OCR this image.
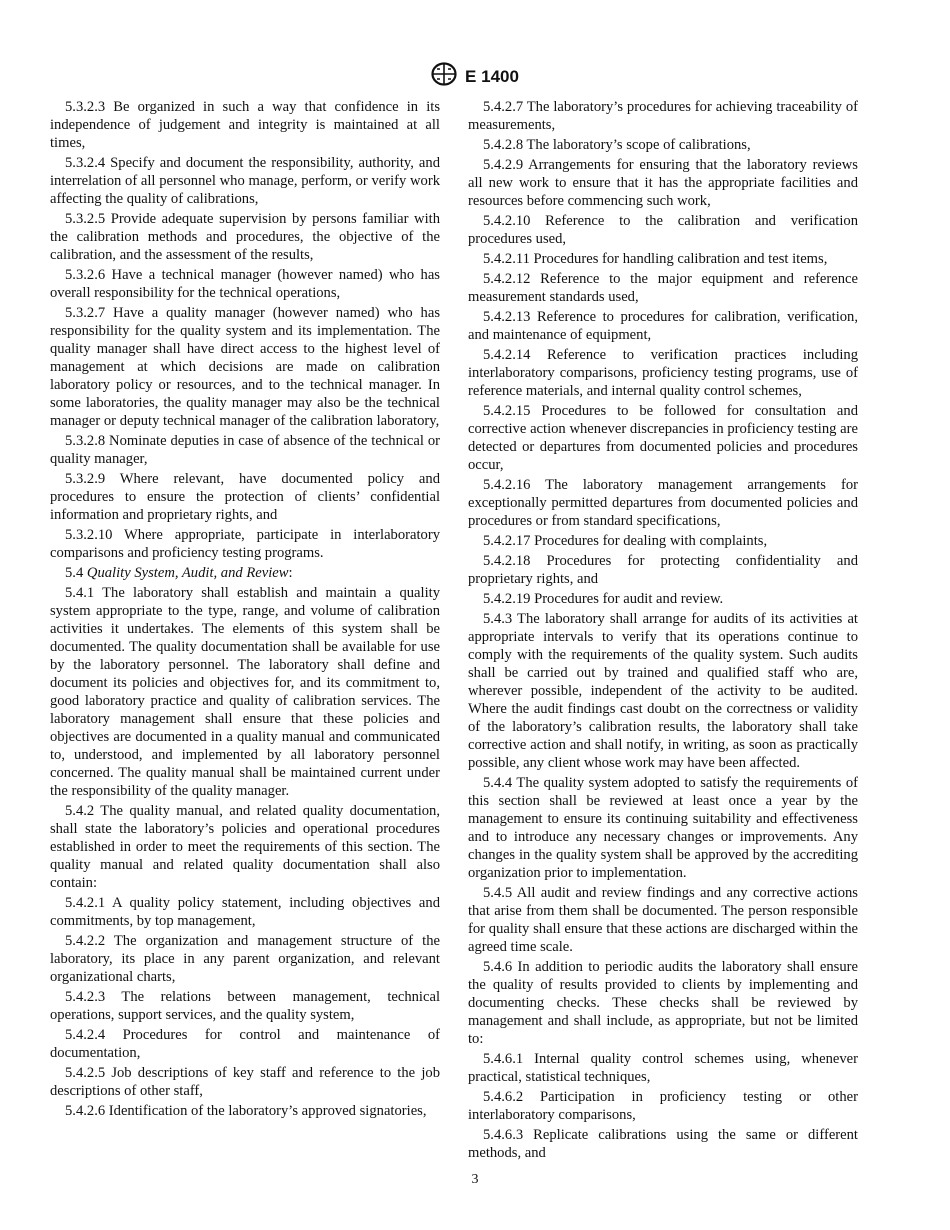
E 1400

5.3.2.3 Be organized in such a way that confidence in its independence of judgement and integrity is maintained at all times,

5.3.2.4 Specify and document the responsibility, authority, and interrelation of all personnel who manage, perform, or verify work affecting the quality of calibrations,

5.3.2.5 Provide adequate supervision by persons familiar with the calibration methods and procedures, the objective of the calibration, and the assessment of the results,

5.3.2.6 Have a technical manager (however named) who has overall responsibility for the technical operations,

5.3.2.7 Have a quality manager (however named) who has responsibility for the quality system and its implementation. The quality manager shall have direct access to the highest level of management at which decisions are made on calibration laboratory policy or resources, and to the technical manager. In some laboratories, the quality manager may also be the technical manager or deputy technical manager of the calibration laboratory,

5.3.2.8 Nominate deputies in case of absence of the technical or quality manager,

5.3.2.9 Where relevant, have documented policy and procedures to ensure the protection of clients’ confidential information and proprietary rights, and

5.3.2.10 Where appropriate, participate in interlaboratory comparisons and proficiency testing programs.

5.4 Quality System, Audit, and Review:

5.4.1 The laboratory shall establish and maintain a quality system appropriate to the type, range, and volume of calibration activities it undertakes. The elements of this system shall be documented. The quality documentation shall be available for use by the laboratory personnel. The laboratory shall define and document its policies and objectives for, and its commitment to, good laboratory practice and quality of calibration services. The laboratory management shall ensure that these policies and objectives are documented in a quality manual and communicated to, understood, and implemented by all laboratory personnel concerned. The quality manual shall be maintained current under the responsibility of the quality manager.

5.4.2 The quality manual, and related quality documentation, shall state the laboratory’s policies and operational procedures established in order to meet the requirements of this section. The quality manual and related quality documentation shall also contain:

5.4.2.1 A quality policy statement, including objectives and commitments, by top management,

5.4.2.2 The organization and management structure of the laboratory, its place in any parent organization, and relevant organizational charts,

5.4.2.3 The relations between management, technical operations, support services, and the quality system,

5.4.2.4 Procedures for control and maintenance of documentation,

5.4.2.5 Job descriptions of key staff and reference to the job descriptions of other staff,

5.4.2.6 Identification of the laboratory’s approved signatories,

5.4.2.7 The laboratory’s procedures for achieving traceability of measurements,

5.4.2.8 The laboratory’s scope of calibrations,

5.4.2.9 Arrangements for ensuring that the laboratory reviews all new work to ensure that it has the appropriate facilities and resources before commencing such work,

5.4.2.10 Reference to the calibration and verification procedures used,

5.4.2.11 Procedures for handling calibration and test items,

5.4.2.12 Reference to the major equipment and reference measurement standards used,

5.4.2.13 Reference to procedures for calibration, verification, and maintenance of equipment,

5.4.2.14 Reference to verification practices including interlaboratory comparisons, proficiency testing programs, use of reference materials, and internal quality control schemes,

5.4.2.15 Procedures to be followed for consultation and corrective action whenever discrepancies in proficiency testing are detected or departures from documented policies and procedures occur,

5.4.2.16 The laboratory management arrangements for exceptionally permitted departures from documented policies and procedures or from standard specifications,

5.4.2.17 Procedures for dealing with complaints,

5.4.2.18 Procedures for protecting confidentiality and proprietary rights, and

5.4.2.19 Procedures for audit and review.

5.4.3 The laboratory shall arrange for audits of its activities at appropriate intervals to verify that its operations continue to comply with the requirements of the quality system. Such audits shall be carried out by trained and qualified staff who are, wherever possible, independent of the activity to be audited. Where the audit findings cast doubt on the correctness or validity of the laboratory’s calibration results, the laboratory shall take corrective action and shall notify, in writing, as soon as practically possible, any client whose work may have been affected.

5.4.4 The quality system adopted to satisfy the requirements of this section shall be reviewed at least once a year by the management to ensure its continuing suitability and effectiveness and to introduce any necessary changes or improvements. Any changes in the quality system shall be approved by the accrediting organization prior to implementation.

5.4.5 All audit and review findings and any corrective actions that arise from them shall be documented. The person responsible for quality shall ensure that these actions are discharged within the agreed time scale.

5.4.6 In addition to periodic audits the laboratory shall ensure the quality of results provided to clients by implementing and documenting checks. These checks shall be reviewed by management and shall include, as appropriate, but not be limited to:

5.4.6.1 Internal quality control schemes using, whenever practical, statistical techniques,

5.4.6.2 Participation in proficiency testing or other interlaboratory comparisons,

5.4.6.3 Replicate calibrations using the same or different methods, and

3
